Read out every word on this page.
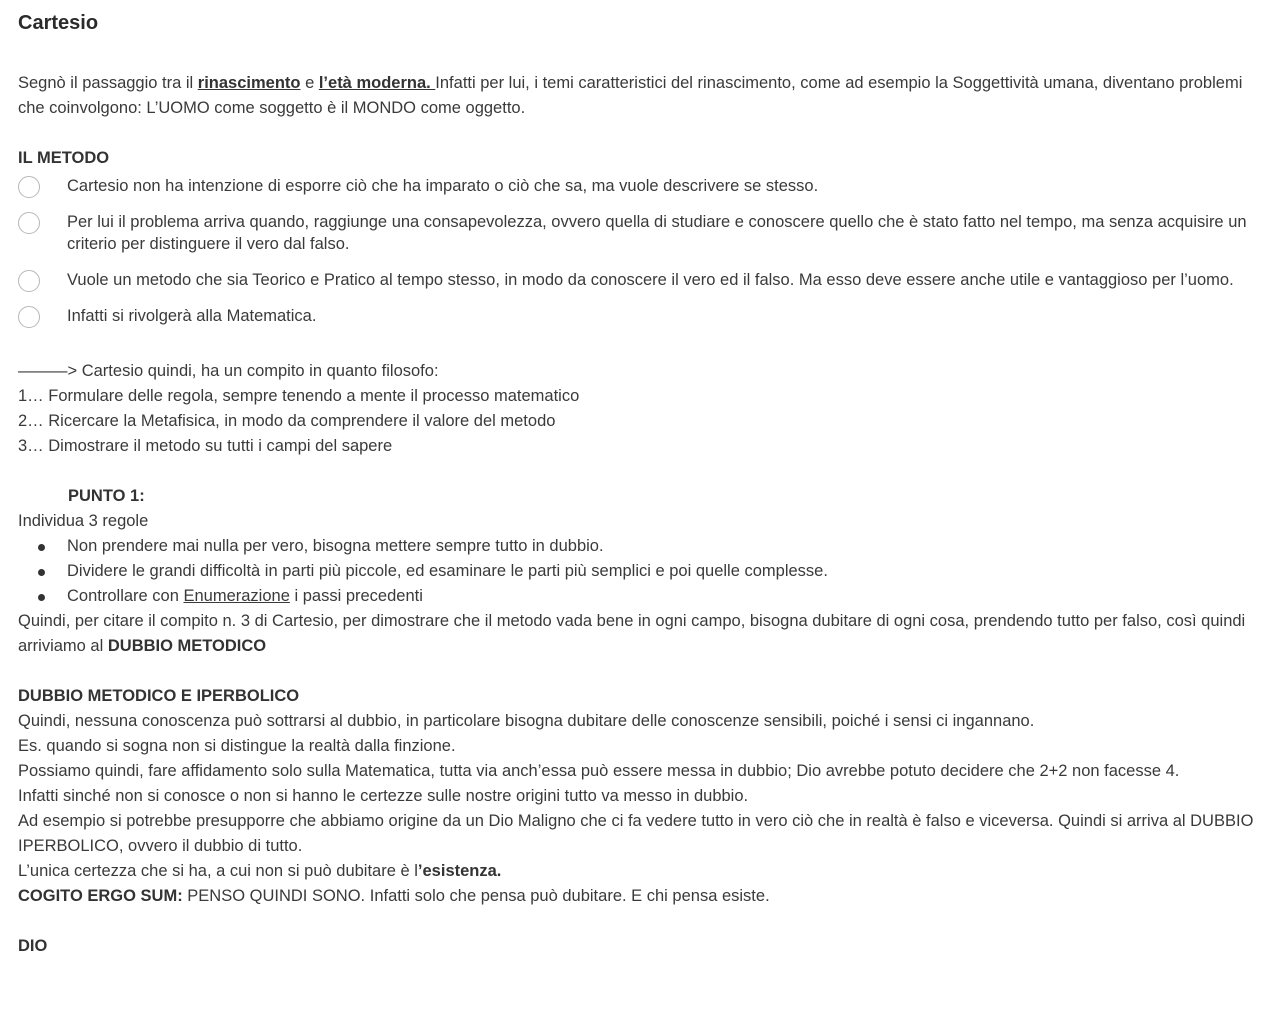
Cartesio

Segnò il passaggio tra il rinascimento e l’età moderna. Infatti per lui, i temi caratteristici del rinascimento, come ad esempio la Soggettività umana, diventano problemi che coinvolgono: L’UOMO come soggetto è il MONDO come oggetto.

IL METODO

Cartesio non ha intenzione di esporre ciò che ha imparato o ciò che sa, ma vuole descrivere se stesso.
Per lui il problema arriva quando, raggiunge una consapevolezza, ovvero quella di studiare e conoscere quello che è stato fatto nel tempo, ma senza acquisire un criterio per distinguere il vero dal falso.
Vuole un metodo che sia Teorico e Pratico al tempo stesso, in modo da conoscere il vero ed il falso. Ma esso deve essere anche utile e vantaggioso per l’uomo.
Infatti si rivolgerà alla Matematica.

———> Cartesio quindi, ha un compito in quanto filosofo:

1… Formulare delle regola, sempre tenendo a mente il processo matematico

2… Ricercare la Metafisica, in modo da comprendere il valore del metodo

3… Dimostrare il metodo su tutti i campi del sapere

PUNTO 1:

Individua 3 regole

Non prendere mai nulla per vero, bisogna mettere sempre tutto in dubbio.
Dividere le grandi difficoltà in parti più piccole, ed esaminare le parti più semplici e poi quelle complesse.
Controllare con Enumerazione i passi precedenti

Quindi, per citare il compito n. 3 di Cartesio, per dimostrare che il metodo vada bene in ogni campo, bisogna dubitare di ogni cosa, prendendo tutto per falso, così quindi arriviamo al DUBBIO METODICO

DUBBIO METODICO E IPERBOLICO

Quindi, nessuna conoscenza può sottrarsi al dubbio, in particolare bisogna dubitare delle conoscenze sensibili, poiché i sensi ci ingannano.

Es. quando si sogna non si distingue la realtà dalla finzione.

Possiamo quindi, fare affidamento solo sulla Matematica, tutta via anch’essa può essere messa in dubbio; Dio avrebbe potuto decidere che 2+2 non facesse 4.

Infatti sinché non si conosce o non si hanno le certezze sulle nostre origini tutto va messo in dubbio.

Ad esempio si potrebbe presupporre che abbiamo origine da un Dio Maligno che ci fa vedere tutto in vero ciò che in realtà è falso e viceversa. Quindi si arriva al DUBBIO IPERBOLICO, ovvero il dubbio di tutto.

L’unica certezza che si ha, a cui non si può dubitare è l’esistenza.

COGITO ERGO SUM: PENSO QUINDI SONO. Infatti solo che pensa può dubitare. E chi pensa esiste.

DIO
